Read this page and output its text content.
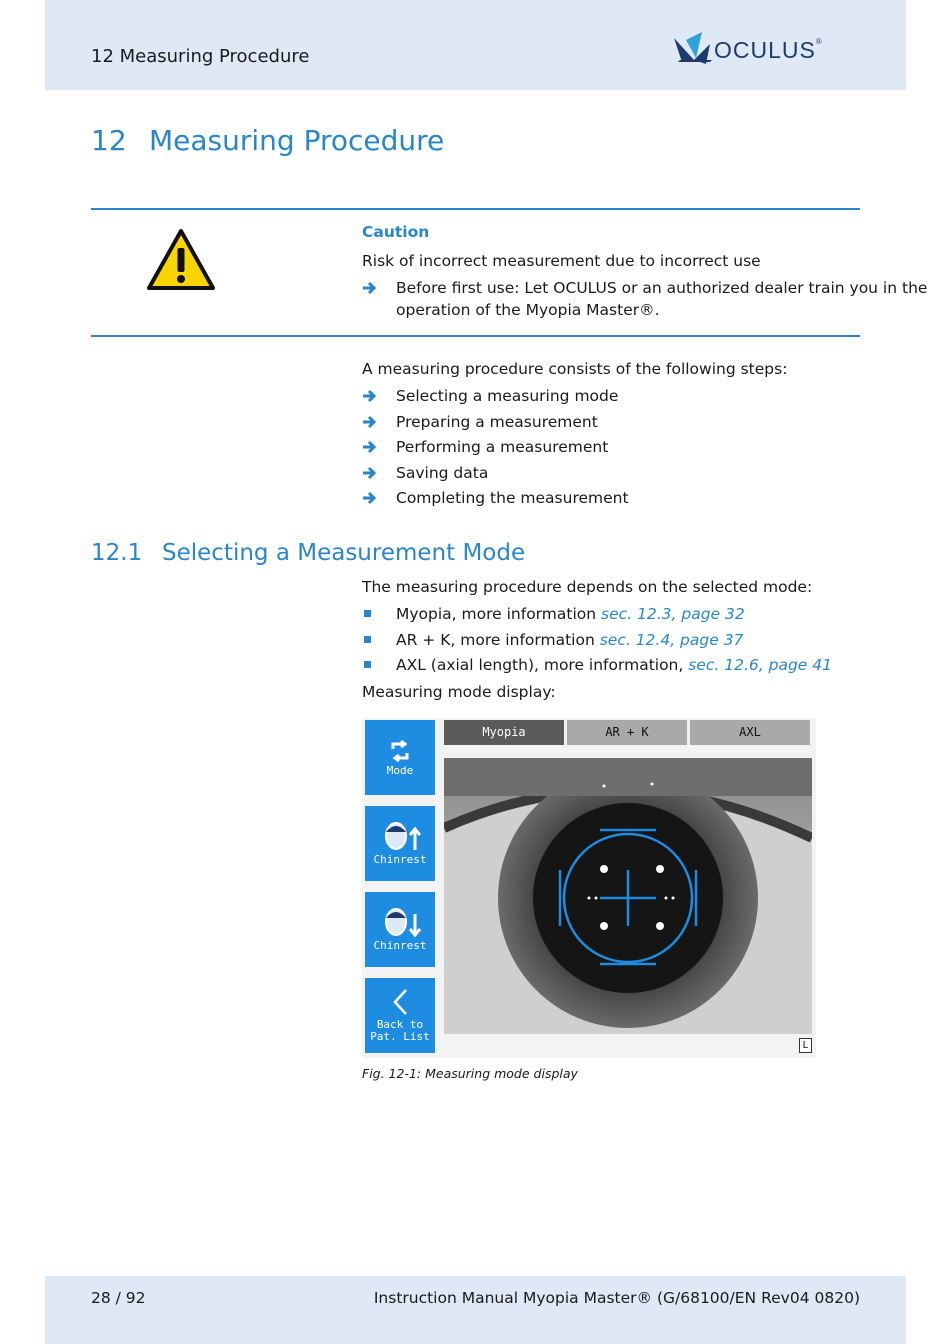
12 Measuring Procedure	OCULUS®
12 Measuring Procedure
Caution
Risk of incorrect measurement due to incorrect use
Before first use: Let OCULUS or an authorized dealer train you in the
operation of the Myopia Master®.
A measuring procedure consists of the following steps:
Selecting a measuring mode
Preparing a measurement
Performing a measurement
Saving data
Completing the measurement
12.1 Selecting a Measurement Mode
The measuring procedure depends on the selected mode:
Myopia, more information sec. 12.3, page 32
AR + K, more information sec. 12.4, page 37
AXL (axial length), more information, sec. 12.6, page 41
Measuring mode display:
Mode
Chinrest
Chinrest
Back to
Pat. List
Myopia	AR + K	AXL
L
Fig. 12-1: Measuring mode display
28 / 92	Instruction Manual Myopia Master® (G/68100/EN Rev04 0820)
